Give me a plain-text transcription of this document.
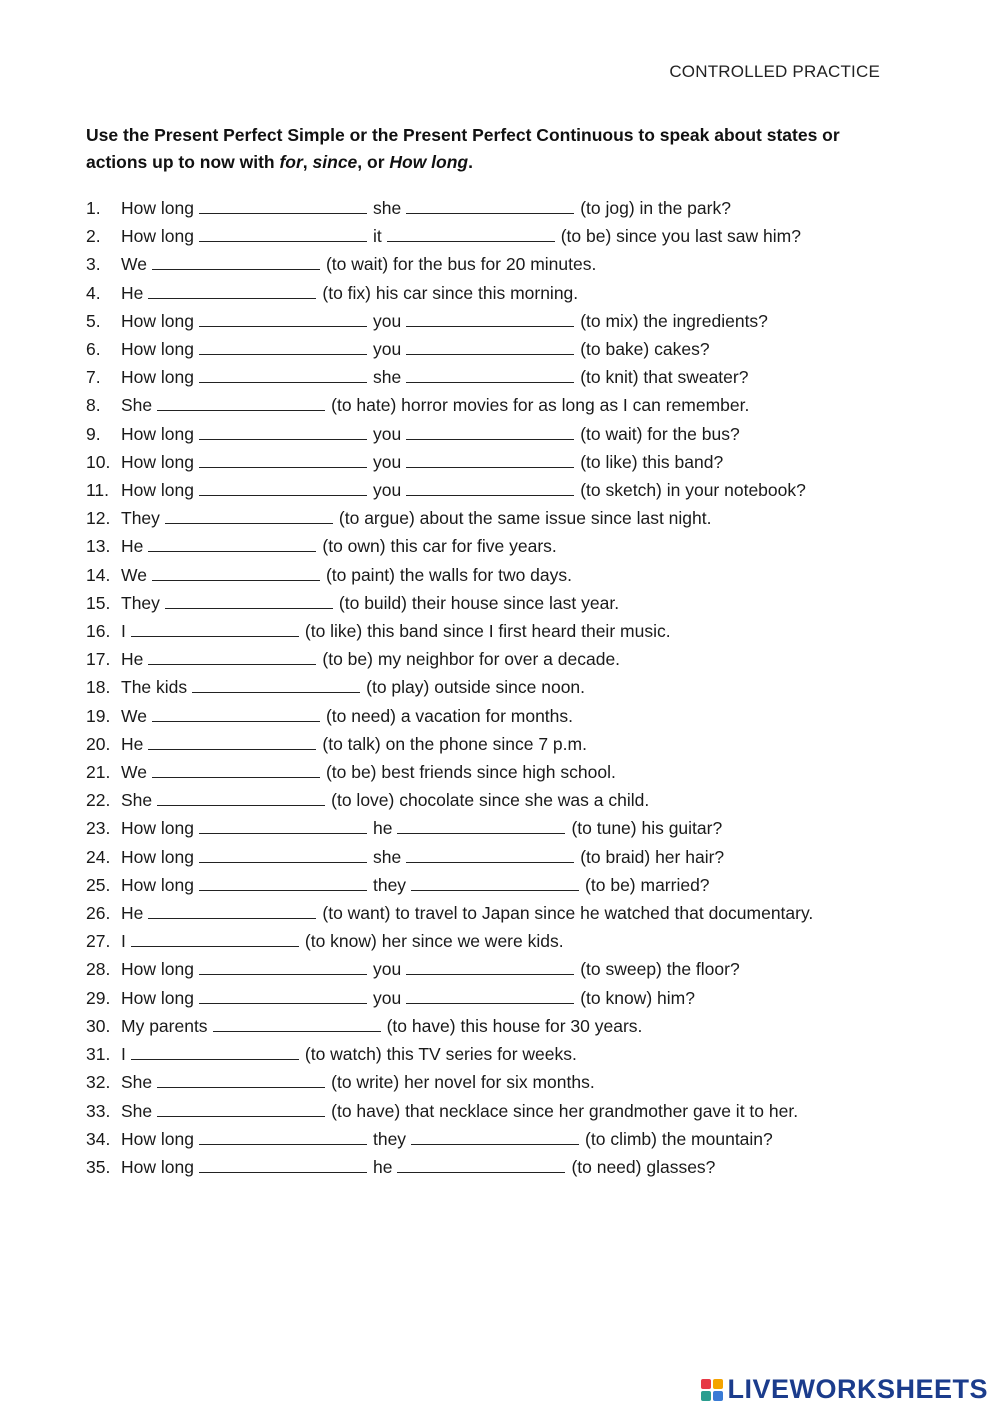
CONTROLLED PRACTICE
Use the Present Perfect Simple or the Present Perfect Continuous to speak about states or actions up to now with for, since, or How long.
1.	How long	she	(to jog) in the park?
2.	How long	it	(to be) since you last saw him?
3.	We	(to wait) for the bus for 20 minutes.
4.	He	(to fix) his car since this morning.
5.	How long	you	(to mix) the ingredients?
6.	How long	you	(to bake) cakes?
7.	How long	she	(to knit) that sweater?
8.	She	(to hate) horror movies for as long as I can remember.
9.	How long	you	(to wait) for the bus?
10. How long	you	(to like) this band?
11. How long	you	(to sketch) in your notebook?
12. They	(to argue) about the same issue since last night.
13. He	(to own) this car for five years.
14. We	(to paint) the walls for two days.
15. They	(to build) their house since last year.
16. I	(to like) this band since I first heard their music.
17. He	(to be) my neighbor for over a decade.
18. The kids	(to play) outside since noon.
19. We	(to need) a vacation for months.
20. He	(to talk) on the phone since 7 p.m.
21. We	(to be) best friends since high school.
22. She	(to love) chocolate since she was a child.
23. How long	he	(to tune) his guitar?
24. How long	she	(to braid) her hair?
25. How long	they	(to be) married?
26. He	(to want) to travel to Japan since he watched that documentary.
27. I	(to know) her since we were kids.
28. How long	you	(to sweep) the floor?
29. How long	you	(to know) him?
30. My parents	(to have) this house for 30 years.
31. I	(to watch) this TV series for weeks.
32. She	(to write) her novel for six months.
33. She	(to have) that necklace since her grandmother gave it to her.
34. How long	they	(to climb) the mountain?
35. How long	he	(to need) glasses?
LIVEWORKSHEETS
